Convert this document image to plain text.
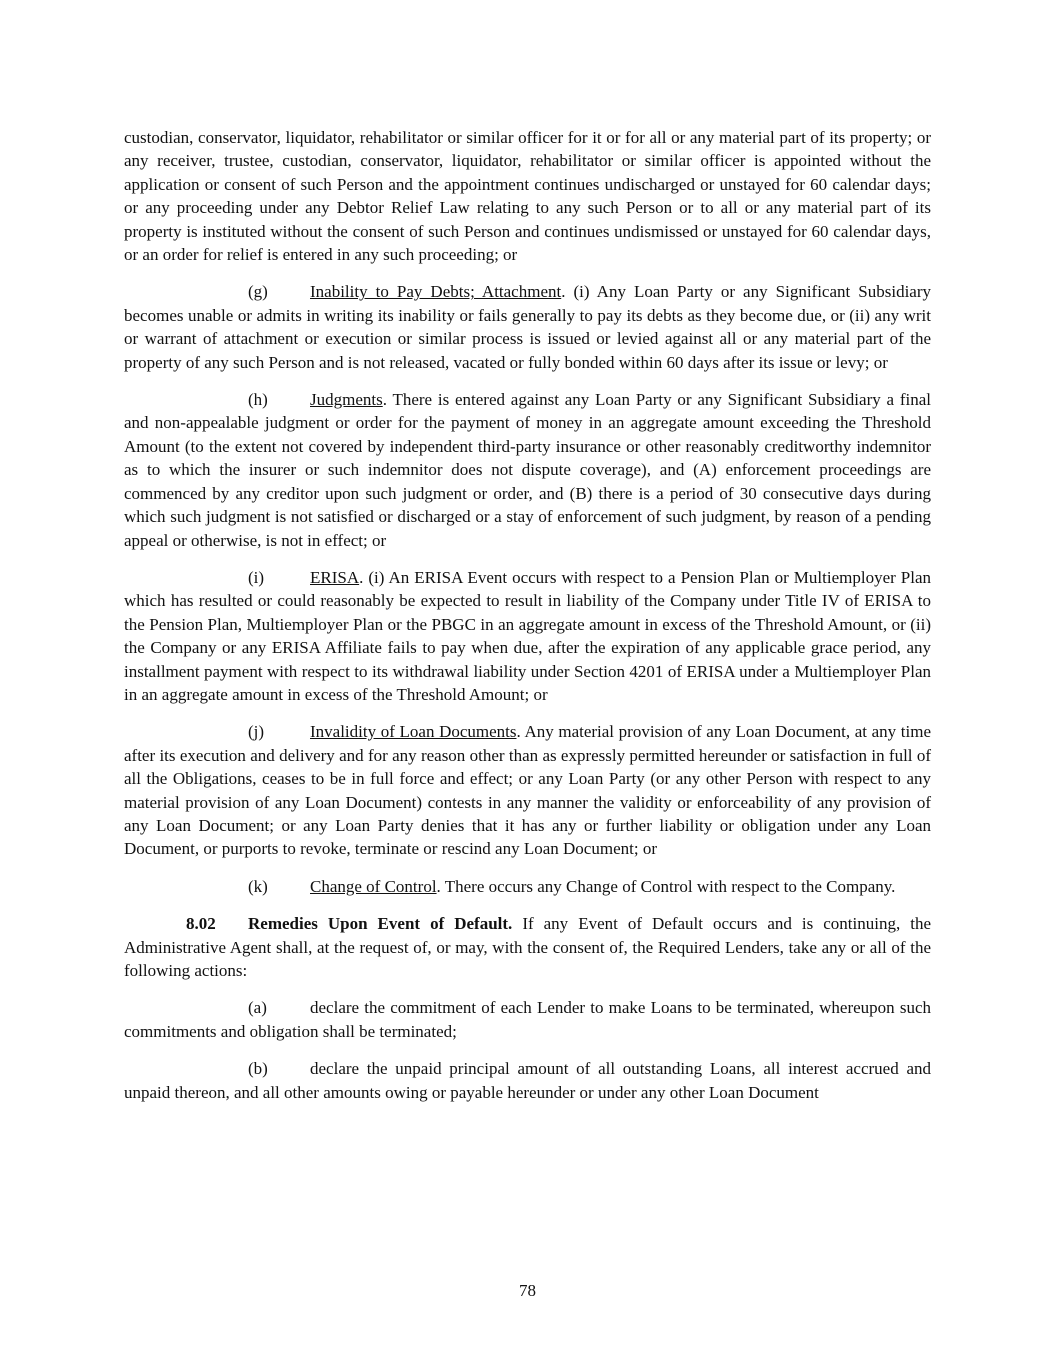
custodian, conservator, liquidator, rehabilitator or similar officer for it or for all or any material part of its property; or any receiver, trustee, custodian, conservator, liquidator, rehabilitator or similar officer is appointed without the application or consent of such Person and the appointment continues undischarged or unstayed for 60 calendar days; or any proceeding under any Debtor Relief Law relating to any such Person or to all or any material part of its property is instituted without the consent of such Person and continues undismissed or unstayed for 60 calendar days, or an order for relief is entered in any such proceeding; or

(g) Inability to Pay Debts; Attachment. (i) Any Loan Party or any Significant Subsidiary becomes unable or admits in writing its inability or fails generally to pay its debts as they become due, or (ii) any writ or warrant of attachment or execution or similar process is issued or levied against all or any material part of the property of any such Person and is not released, vacated or fully bonded within 60 days after its issue or levy; or

(h) Judgments. There is entered against any Loan Party or any Significant Subsidiary a final and non-appealable judgment or order for the payment of money in an aggregate amount exceeding the Threshold Amount (to the extent not covered by independent third-party insurance or other reasonably creditworthy indemnitor as to which the insurer or such indemnitor does not dispute coverage), and (A) enforcement proceedings are commenced by any creditor upon such judgment or order, and (B) there is a period of 30 consecutive days during which such judgment is not satisfied or discharged or a stay of enforcement of such judgment, by reason of a pending appeal or otherwise, is not in effect; or

(i)	ERISA. (i) An ERISA Event occurs with respect to a Pension Plan or Multiemployer Plan which has resulted or could reasonably be expected to result in liability of the Company under Title IV of ERISA to the Pension Plan, Multiemployer Plan or the PBGC in an aggregate amount in excess of the Threshold Amount, or (ii) the Company or any ERISA Affiliate fails to pay when due, after the expiration of any applicable grace period, any installment payment with respect to its withdrawal liability under Section 4201 of ERISA under a Multiemployer Plan in an aggregate amount in excess of the Threshold Amount; or

(j)	Invalidity of Loan Documents. Any material provision of any Loan Document, at any time after its execution and delivery and for any reason other than as expressly permitted hereunder or satisfaction in full of all the Obligations, ceases to be in full force and effect; or any Loan Party (or any other Person with respect to any material provision of any Loan Document) contests in any manner the validity or enforceability of any provision of any Loan Document; or any Loan Party denies that it has any or further liability or obligation under any Loan Document, or purports to revoke, terminate or rescind any Loan Document; or

(k) Change of Control. There occurs any Change of Control with respect to the Company.

8.02 Remedies Upon Event of Default. If any Event of Default occurs and is continuing, the Administrative Agent shall, at the request of, or may, with the consent of, the Required Lenders, take any or all of the following actions:

(a)	declare the commitment of each Lender to make Loans to be terminated, whereupon such commitments and obligation shall be terminated;

(b) declare the unpaid principal amount of all outstanding Loans, all interest accrued and unpaid thereon, and all other amounts owing or payable hereunder or under any other Loan Document

78
